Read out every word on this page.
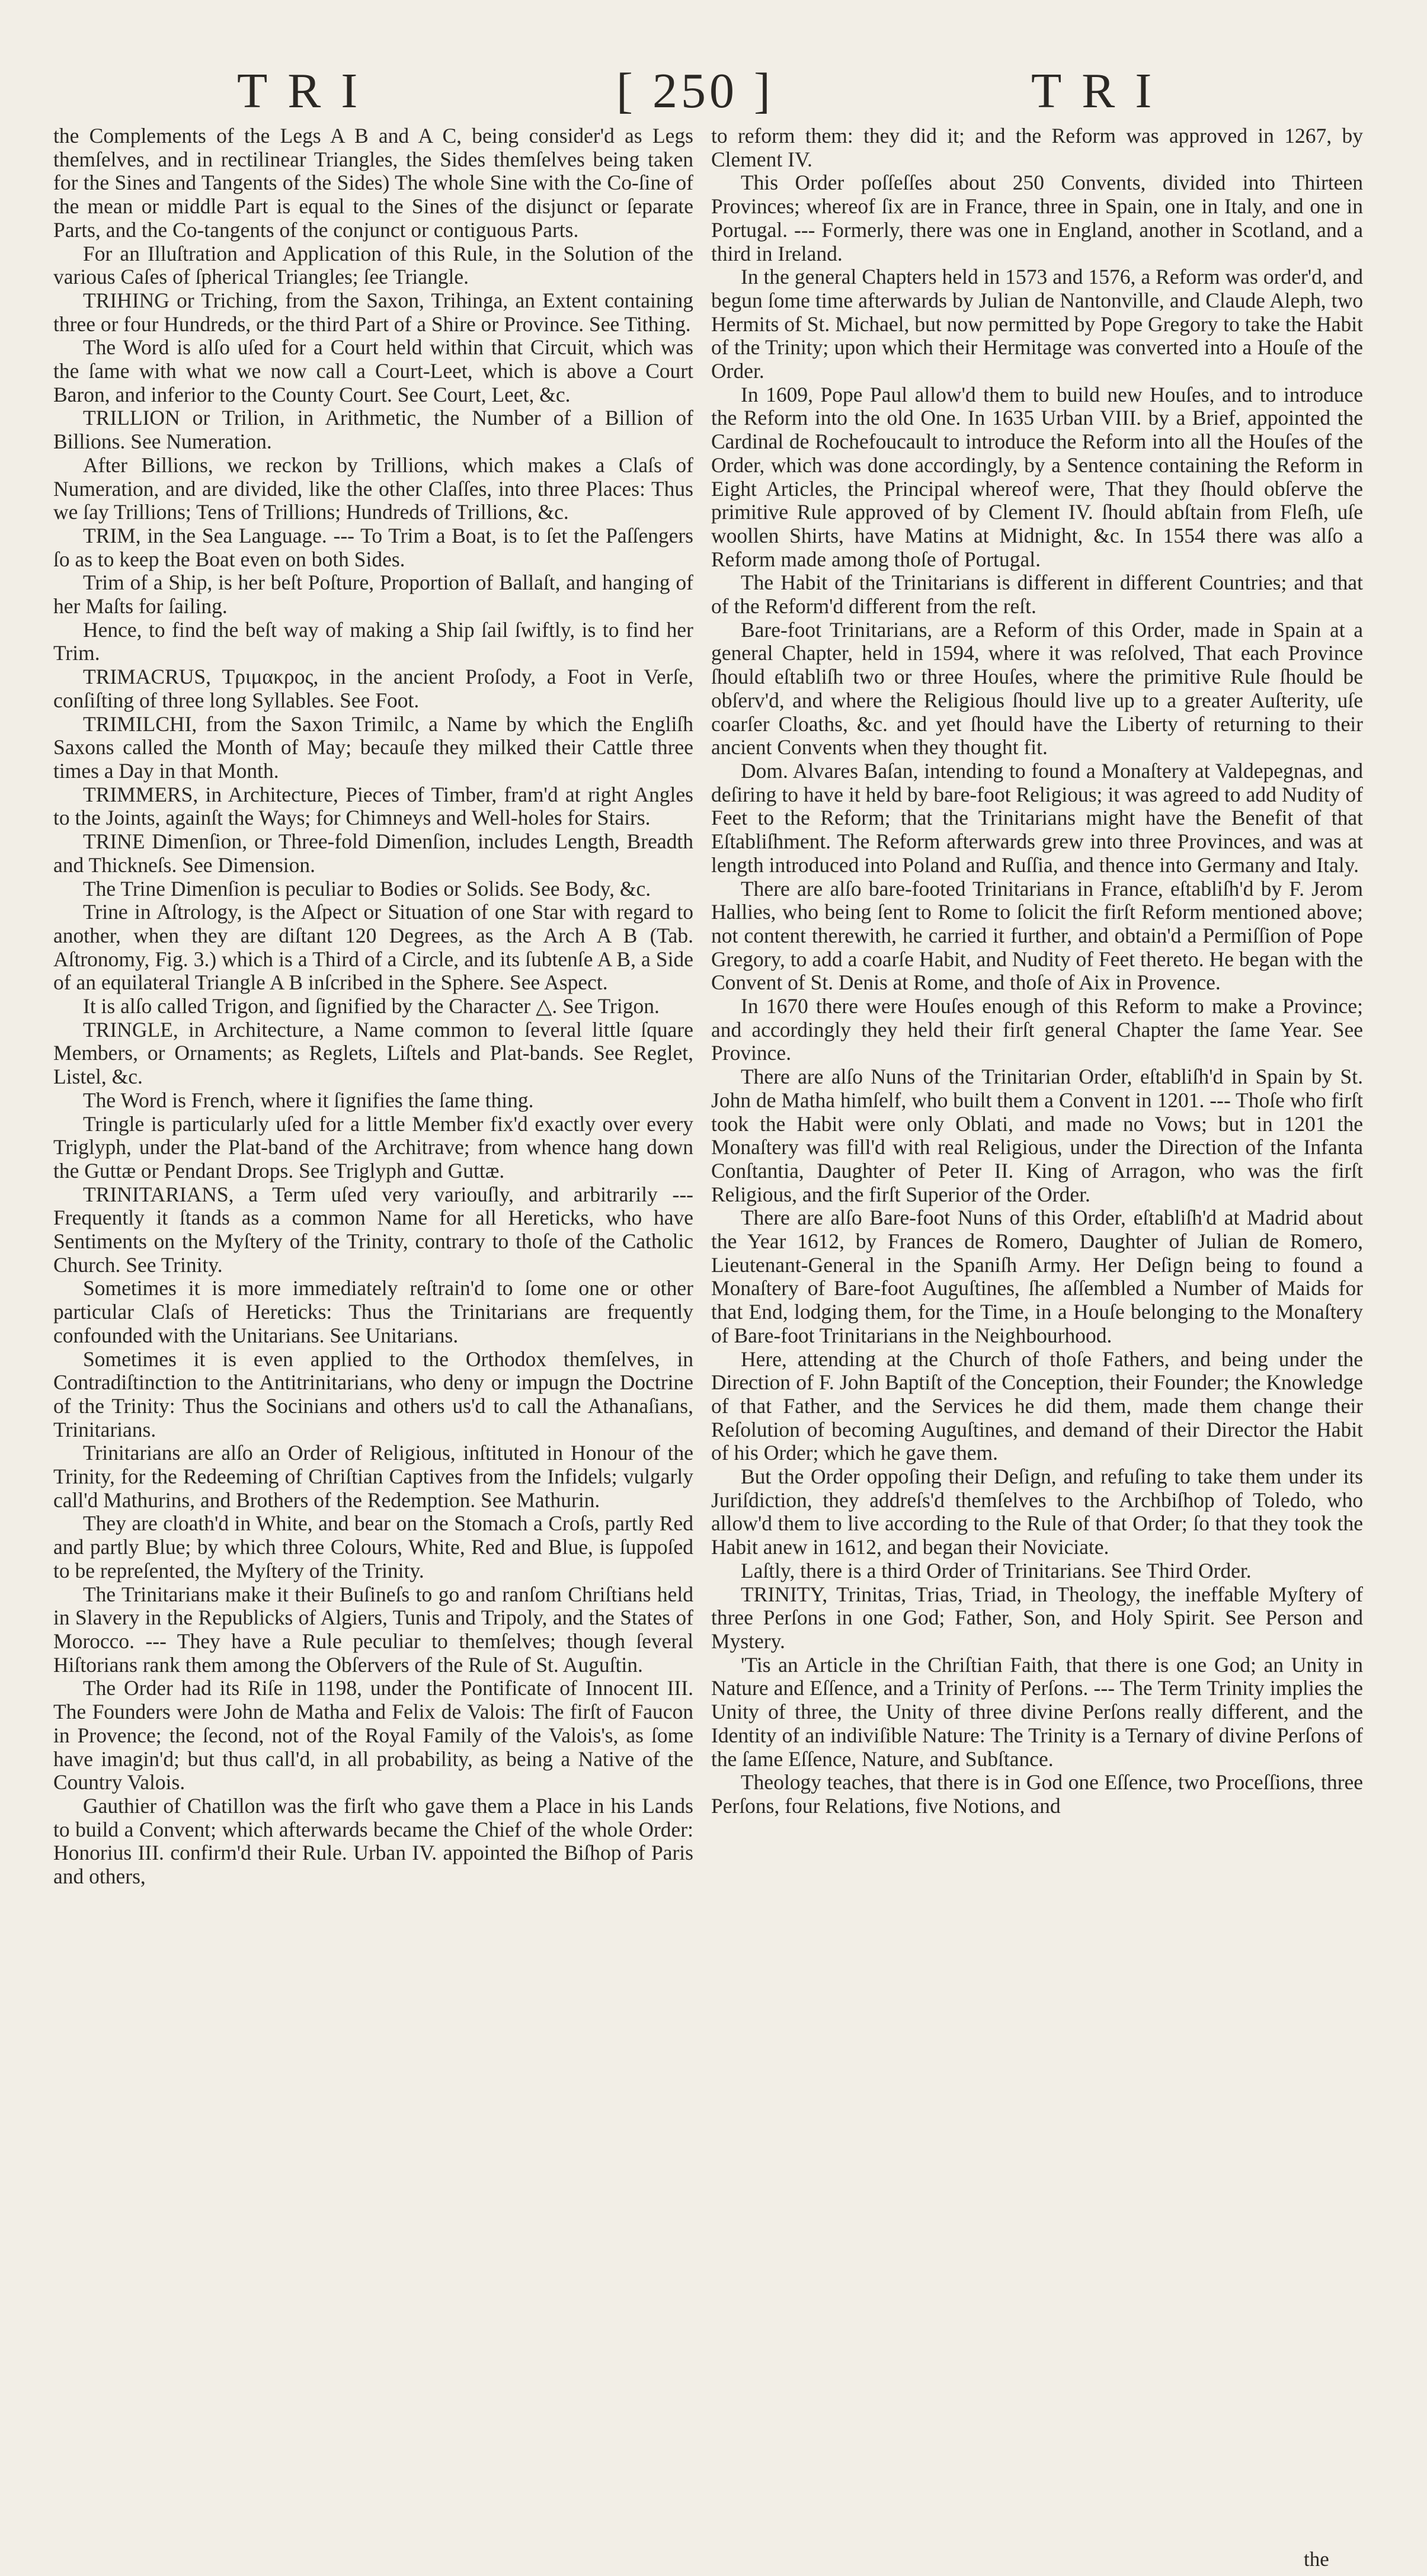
TRI	[ 250 ]	TRI

the Complements of the Legs A B and A C, being consider'd as Legs themſelves, and in rectilinear Triangles, the Sides themſelves being taken for the Sines and Tangents of the Sides) The whole Sine with the Co-ſine of the mean or middle Part is equal to the Sines of the disjunct or ſeparate Parts, and the Co-tangents of the conjunct or contiguous Parts.

For an Illuſtration and Application of this Rule, in the Solution of the various Caſes of ſpherical Triangles; ſee Triangle.

TRIHING or Triching, from the Saxon, Trihinga, an Extent containing three or four Hundreds, or the third Part of a Shire or Province. See Tithing.

The Word is alſo uſed for a Court held within that Circuit, which was the ſame with what we now call a Court-Leet, which is above a Court Baron, and inferior to the County Court. See Court, Leet, &c.

TRILLION or Trilion, in Arithmetic, the Number of a Billion of Billions. See Numeration.

After Billions, we reckon by Trillions, which makes a Claſs of Numeration, and are divided, like the other Claſſes, into three Places: Thus we ſay Trillions; Tens of Trillions; Hundreds of Trillions, &c.

TRIM, in the Sea Language. --- To Trim a Boat, is to ſet the Paſſengers ſo as to keep the Boat even on both Sides.

Trim of a Ship, is her beſt Poſture, Proportion of Ballaſt, and hanging of her Maſts for ſailing.

Hence, to find the beſt way of making a Ship ſail ſwiftly, is to find her Trim.

TRIMACRUS, Τριμακρος, in the ancient Proſody, a Foot in Verſe, conſiſting of three long Syllables. See Foot.

TRIMILCHI, from the Saxon Trimilc, a Name by which the Engliſh Saxons called the Month of May; becauſe they milked their Cattle three times a Day in that Month.

TRIMMERS, in Architecture, Pieces of Timber, fram'd at right Angles to the Joints, againſt the Ways; for Chimneys and Well-holes for Stairs.

TRINE Dimenſion, or Three-fold Dimenſion, includes Length, Breadth and Thickneſs. See Dimension.

The Trine Dimenſion is peculiar to Bodies or Solids. See Body, &c.

Trine in Aſtrology, is the Aſpect or Situation of one Star with regard to another, when they are diſtant 120 Degrees, as the Arch A B (Tab. Aſtronomy, Fig. 3.) which is a Third of a Circle, and its ſubtenſe A B, a Side of an equilateral Triangle A B inſcribed in the Sphere. See Aspect.

It is alſo called Trigon, and ſignified by the Character △. See Trigon.

TRINGLE, in Architecture, a Name common to ſeveral little ſquare Members, or Ornaments; as Reglets, Liſtels and Plat-bands. See Reglet, Listel, &c.

The Word is French, where it ſignifies the ſame thing.

Tringle is particularly uſed for a little Member fix'd exactly over every Triglyph, under the Plat-band of the Architrave; from whence hang down the Guttæ or Pendant Drops. See Triglyph and Guttæ.

TRINITARIANS, a Term uſed very variouſly, and arbitrarily --- Frequently it ſtands as a common Name for all Hereticks, who have Sentiments on the Myſtery of the Trinity, contrary to thoſe of the Catholic Church. See Trinity.

Sometimes it is more immediately reſtrain'd to ſome one or other particular Claſs of Hereticks: Thus the Trinitarians are frequently confounded with the Unitarians. See Unitarians.

Sometimes it is even applied to the Orthodox themſelves, in Contradiſtinction to the Antitrinitarians, who deny or impugn the Doctrine of the Trinity: Thus the Socinians and others us'd to call the Athanaſians, Trinitarians.

Trinitarians are alſo an Order of Religious, inſtituted in Honour of the Trinity, for the Redeeming of Chriſtian Captives from the Infidels; vulgarly call'd Mathurins, and Brothers of the Redemption. See Mathurin.

They are cloath'd in White, and bear on the Stomach a Croſs, partly Red and partly Blue; by which three Colours, White, Red and Blue, is ſuppoſed to be repreſented, the Myſtery of the Trinity.

The Trinitarians make it their Buſineſs to go and ranſom Chriſtians held in Slavery in the Republicks of Algiers, Tunis and Tripoly, and the States of Morocco. --- They have a Rule peculiar to themſelves; though ſeveral Hiſtorians rank them among the Obſervers of the Rule of St. Auguſtin.

The Order had its Riſe in 1198, under the Pontificate of Innocent III. The Founders were John de Matha and Felix de Valois: The firſt of Faucon in Provence; the ſecond, not of the Royal Family of the Valois's, as ſome have imagin'd; but thus call'd, in all probability, as being a Native of the Country Valois.

Gauthier of Chatillon was the firſt who gave them a Place in his Lands to build a Convent; which afterwards became the Chief of the whole Order: Honorius III. confirm'd their Rule. Urban IV. appointed the Biſhop of Paris and others,

to reform them: they did it; and the Reform was approved in 1267, by Clement IV.

This Order poſſeſſes about 250 Convents, divided into Thirteen Provinces; whereof ſix are in France, three in Spain, one in Italy, and one in Portugal. --- Formerly, there was one in England, another in Scotland, and a third in Ireland.

In the general Chapters held in 1573 and 1576, a Reform was order'd, and begun ſome time afterwards by Julian de Nantonville, and Claude Aleph, two Hermits of St. Michael, but now permitted by Pope Gregory to take the Habit of the Trinity; upon which their Hermitage was converted into a Houſe of the Order.

In 1609, Pope Paul allow'd them to build new Houſes, and to introduce the Reform into the old One. In 1635 Urban VIII. by a Brief, appointed the Cardinal de Rochefoucault to introduce the Reform into all the Houſes of the Order, which was done accordingly, by a Sentence containing the Reform in Eight Articles, the Principal whereof were, That they ſhould obſerve the primitive Rule approved of by Clement IV. ſhould abſtain from Fleſh, uſe woollen Shirts, have Matins at Midnight, &c. In 1554 there was alſo a Reform made among thoſe of Portugal.

The Habit of the Trinitarians is different in different Countries; and that of the Reform'd different from the reſt.

Bare-foot Trinitarians, are a Reform of this Order, made in Spain at a general Chapter, held in 1594, where it was reſolved, That each Province ſhould eſtabliſh two or three Houſes, where the primitive Rule ſhould be obſerv'd, and where the Religious ſhould live up to a greater Auſterity, uſe coarſer Cloaths, &c. and yet ſhould have the Liberty of returning to their ancient Convents when they thought fit.

Dom. Alvares Baſan, intending to found a Monaſtery at Valdepegnas, and deſiring to have it held by bare-foot Religious; it was agreed to add Nudity of Feet to the Reform; that the Trinitarians might have the Benefit of that Eſtabliſhment. The Reform afterwards grew into three Provinces, and was at length introduced into Poland and Ruſſia, and thence into Germany and Italy.

There are alſo bare-footed Trinitarians in France, eſtabliſh'd by F. Jerom Hallies, who being ſent to Rome to ſolicit the firſt Reform mentioned above; not content therewith, he carried it further, and obtain'd a Permiſſion of Pope Gregory, to add a coarſe Habit, and Nudity of Feet thereto. He began with the Convent of St. Denis at Rome, and thoſe of Aix in Provence.

In 1670 there were Houſes enough of this Reform to make a Province; and accordingly they held their firſt general Chapter the ſame Year. See Province.

There are alſo Nuns of the Trinitarian Order, eſtabliſh'd in Spain by St. John de Matha himſelf, who built them a Convent in 1201. --- Thoſe who firſt took the Habit were only Oblati, and made no Vows; but in 1201 the Monaſtery was fill'd with real Religious, under the Direction of the Infanta Conſtantia, Daughter of Peter II. King of Arragon, who was the firſt Religious, and the firſt Superior of the Order.

There are alſo Bare-foot Nuns of this Order, eſtabliſh'd at Madrid about the Year 1612, by Frances de Romero, Daughter of Julian de Romero, Lieutenant-General in the Spaniſh Army. Her Deſign being to found a Monaſtery of Bare-foot Auguſtines, ſhe aſſembled a Number of Maids for that End, lodging them, for the Time, in a Houſe belonging to the Monaſtery of Bare-foot Trinitarians in the Neighbourhood.

Here, attending at the Church of thoſe Fathers, and being under the Direction of F. John Baptiſt of the Conception, their Founder; the Knowledge of that Father, and the Services he did them, made them change their Reſolution of becoming Auguſtines, and demand of their Director the Habit of his Order; which he gave them.

But the Order oppoſing their Deſign, and refuſing to take them under its Juriſdiction, they addreſs'd themſelves to the Archbiſhop of Toledo, who allow'd them to live according to the Rule of that Order; ſo that they took the Habit anew in 1612, and began their Noviciate.

Laſtly, there is a third Order of Trinitarians. See Third Order.

TRINITY, Trinitas, Trias, Triad, in Theology, the ineffable Myſtery of three Perſons in one God; Father, Son, and Holy Spirit. See Person and Mystery.

'Tis an Article in the Chriſtian Faith, that there is one God; an Unity in Nature and Eſſence, and a Trinity of Perſons. --- The Term Trinity implies the Unity of three, the Unity of three divine Perſons really different, and the Identity of an indiviſible Nature: The Trinity is a Ternary of divine Perſons of the ſame Eſſence, Nature, and Subſtance.

Theology teaches, that there is in God one Eſſence, two Proceſſions, three Perſons, four Relations, five Notions, and

the
